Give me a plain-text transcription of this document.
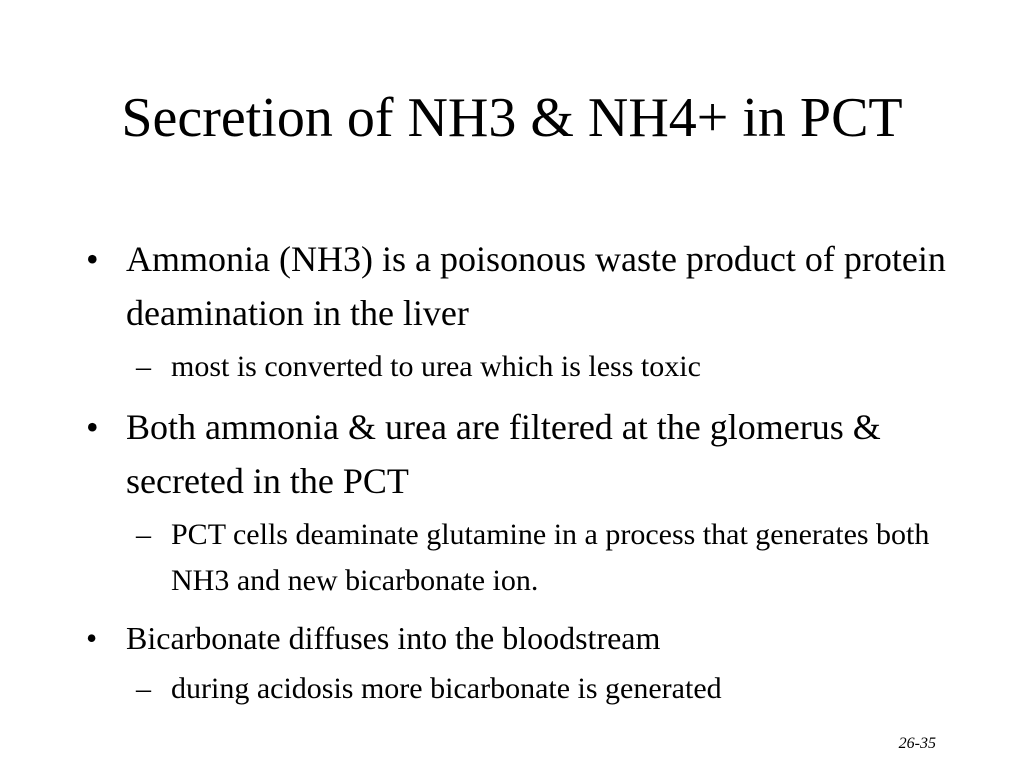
Secretion of NH3 & NH4+ in PCT
• Ammonia (NH3) is a poisonous waste product of protein deamination in the liver
– most is converted to urea which is less toxic
• Both ammonia & urea are filtered at the glomerus & secreted in the PCT
– PCT cells deaminate glutamine in a process that generates both NH3 and new bicarbonate ion.
• Bicarbonate diffuses into the bloodstream
– during acidosis more bicarbonate is generated
26-35
